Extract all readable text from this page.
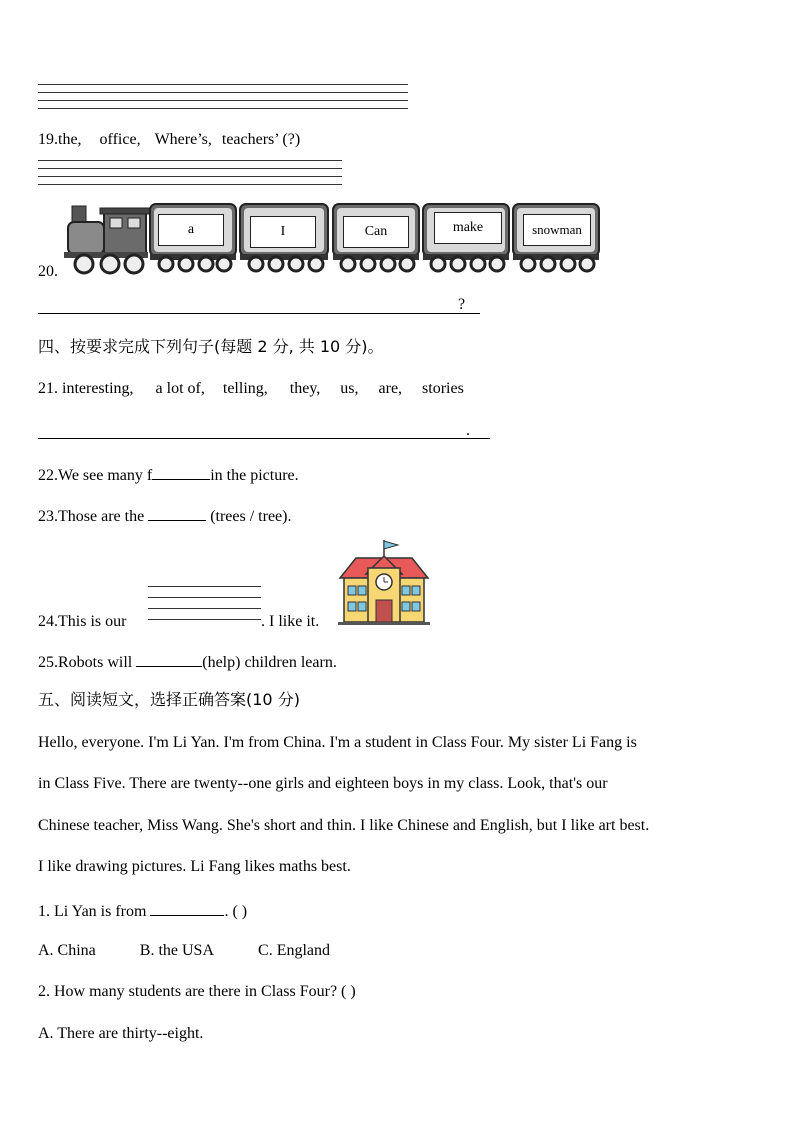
19.the, office, Where’s, teachers’ (?)
20.
a	I	Can	make	snowman
?
四、按要求完成下列句子(每题 2 分, 共 10 分)。
21. interesting, a lot of, telling, they, us, are, stories
.
22.We see many f	in the picture.
23.Those are the	(trees / tree).
24.This is our	. I like it.
25.Robots will	(help) children learn.
五、阅读短文，选择正确答案(10 分)
Hello, everyone. I'm Li Yan. I'm from China. I'm a student in Class Four. My sister Li Fang is
in Class Five. There are twenty--one girls and eighteen boys in my class. Look, that's our
Chinese teacher, Miss Wang. She's short and thin. I like Chinese and English, but I like art best.
I like drawing pictures. Li Fang likes maths best.
1. Li Yan is from	. ( )
A. China	B. the USA	C. England
2. How many students are there in Class Four? ( )
A. There are thirty--eight.
